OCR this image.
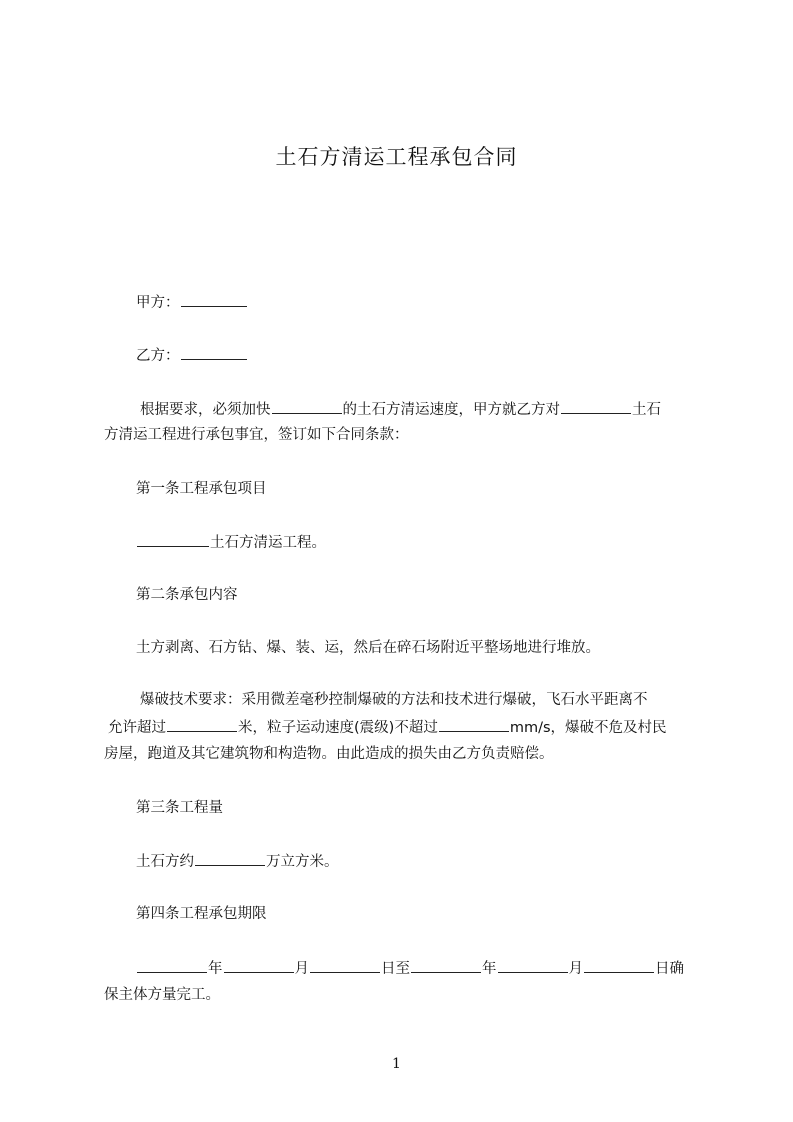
土石方清运工程承包合同
甲方：
乙方：
根据要求，必须加快	的土石方清运速度，甲方就乙方对	土石
方清运工程进行承包事宜，签订如下合同条款：
第一条工程承包项目
土石方清运工程。
第二条承包内容
土方剥离、石方钻、爆、装、运，然后在碎石场附近平整场地进行堆放。
爆破技术要求：采用微差毫秒控制爆破的方法和技术进行爆破，飞石水平距离不
允许超过	米，粒子运动速度(震级)不超过	mm/s，爆破不危及村民
房屋，跑道及其它建筑物和构造物。由此造成的损失由乙方负责赔偿。
第三条工程量
土石方约	万立方米。
第四条工程承包期限
年	月	日至	年	月	日确
保主体方量完工。
1
